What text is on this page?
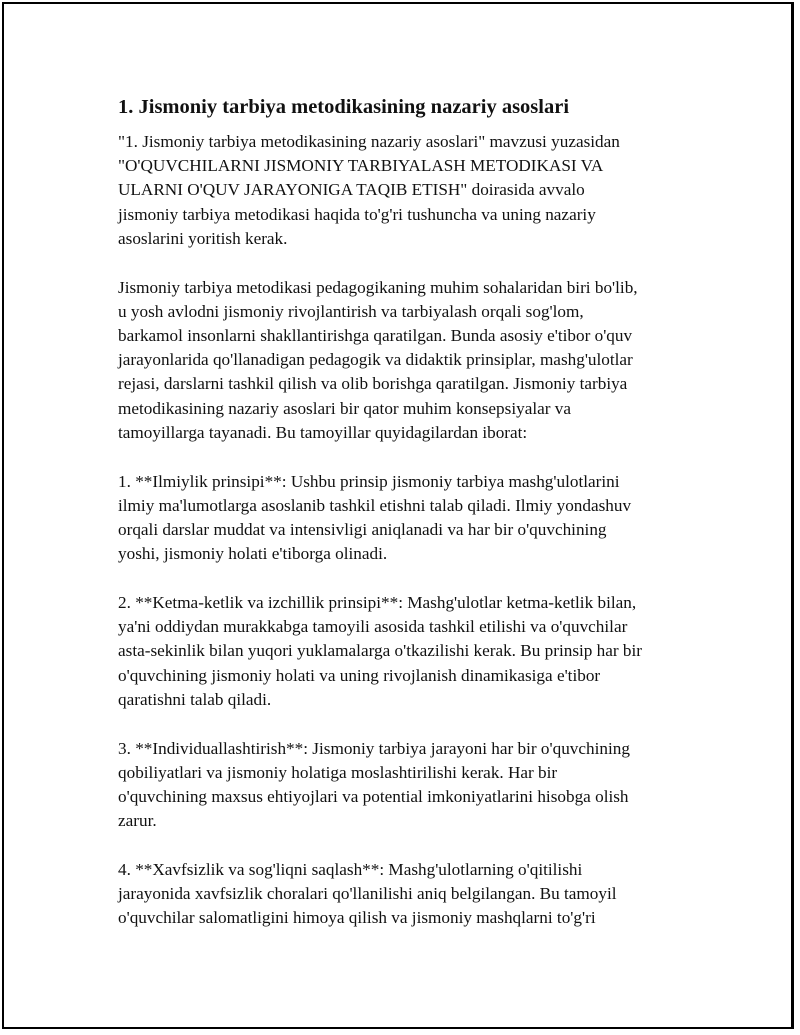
1. Jismoniy tarbiya metodikasining nazariy asoslari

"1. Jismoniy tarbiya metodikasining nazariy asoslari" mavzusi yuzasidan
"O'QUVCHILARNI JISMONIY TARBIYALASH METODIKASI VA
ULARNI O'QUV JARAYONIGA TAQIB ETISH" doirasida avvalo
jismoniy tarbiya metodikasi haqida to'g'ri tushuncha va uning nazariy
asoslarini yoritish kerak.

Jismoniy tarbiya metodikasi pedagogikaning muhim sohalaridan biri bo'lib,
u yosh avlodni jismoniy rivojlantirish va tarbiyalash orqali sog'lom,
barkamol insonlarni shakllantirishga qaratilgan. Bunda asosiy e'tibor o'quv
jarayonlarida qo'llanadigan pedagogik va didaktik prinsiplar, mashg'ulotlar
rejasi, darslarni tashkil qilish va olib borishga qaratilgan. Jismoniy tarbiya
metodikasining nazariy asoslari bir qator muhim konsepsiyalar va
tamoyillarga tayanadi. Bu tamoyillar quyidagilardan iborat:

1. **Ilmiylik prinsipi**: Ushbu prinsip jismoniy tarbiya mashg'ulotlarini
ilmiy ma'lumotlarga asoslanib tashkil etishni talab qiladi. Ilmiy yondashuv
orqali darslar muddat va intensivligi aniqlanadi va har bir o'quvchining
yoshi, jismoniy holati e'tiborga olinadi.

2. **Ketma-ketlik va izchillik prinsipi**: Mashg'ulotlar ketma-ketlik bilan,
ya'ni oddiydan murakkabga tamoyili asosida tashkil etilishi va o'quvchilar
asta-sekinlik bilan yuqori yuklamalarga o'tkazilishi kerak. Bu prinsip har bir
o'quvchining jismoniy holati va uning rivojlanish dinamikasiga e'tibor
qaratishni talab qiladi.

3. **Individuallashtirish**: Jismoniy tarbiya jarayoni har bir o'quvchining
qobiliyatlari va jismoniy holatiga moslashtirilishi kerak. Har bir
o'quvchining maxsus ehtiyojlari va potential imkoniyatlarini hisobga olish
zarur.

4. **Xavfsizlik va sog'liqni saqlash**: Mashg'ulotlarning o'qitilishi
jarayonida xavfsizlik choralari qo'llanilishi aniq belgilangan. Bu tamoyil
o'quvchilar salomatligini himoya qilish va jismoniy mashqlarni to'g'ri
